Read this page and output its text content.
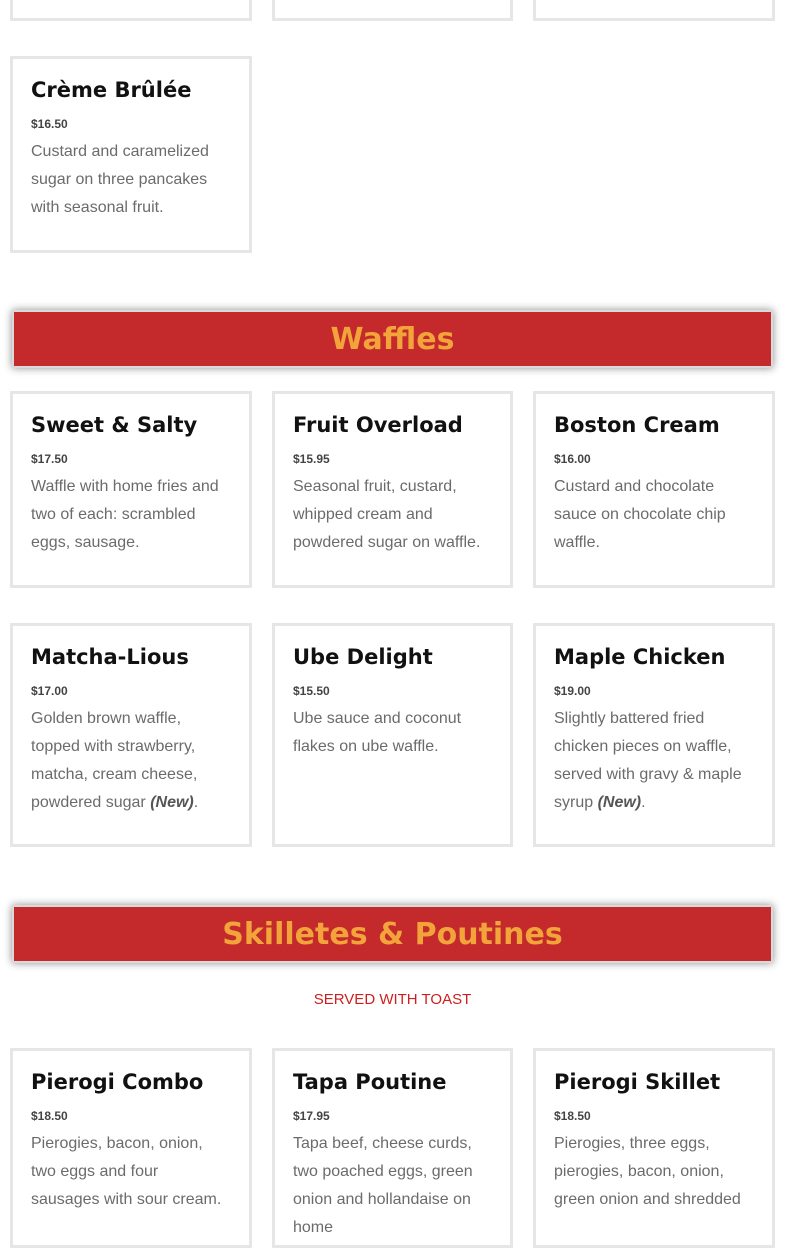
Crème Brûlée
$16.50
Custard and caramelized sugar on three pancakes with seasonal fruit.
Waffles
Sweet & Salty
$17.50
Waffle with home fries and two of each: scrambled eggs, sausage.
Fruit Overload
$15.95
Seasonal fruit, custard, whipped cream and powdered sugar on waffle.
Boston Cream
$16.00
Custard and chocolate sauce on chocolate chip waffle.
Matcha-Lious
$17.00
Golden brown waffle, topped with strawberry, matcha, cream cheese, powdered sugar (New).
Ube Delight
$15.50
Ube sauce and coconut flakes on ube waffle.
Maple Chicken
$19.00
Slightly battered fried chicken pieces on waffle, served with gravy & maple syrup (New).
Skilletes & Poutines
SERVED WITH TOAST
Pierogi Combo
$18.50
Pierogies, bacon, onion, two eggs and four sausages with sour cream.
Tapa Poutine
$17.95
Tapa beef, cheese curds, two poached eggs, green onion and hollandaise on home
Pierogi Skillet
$18.50
Pierogies, three eggs, pierogies, bacon, onion, green onion and shredded
